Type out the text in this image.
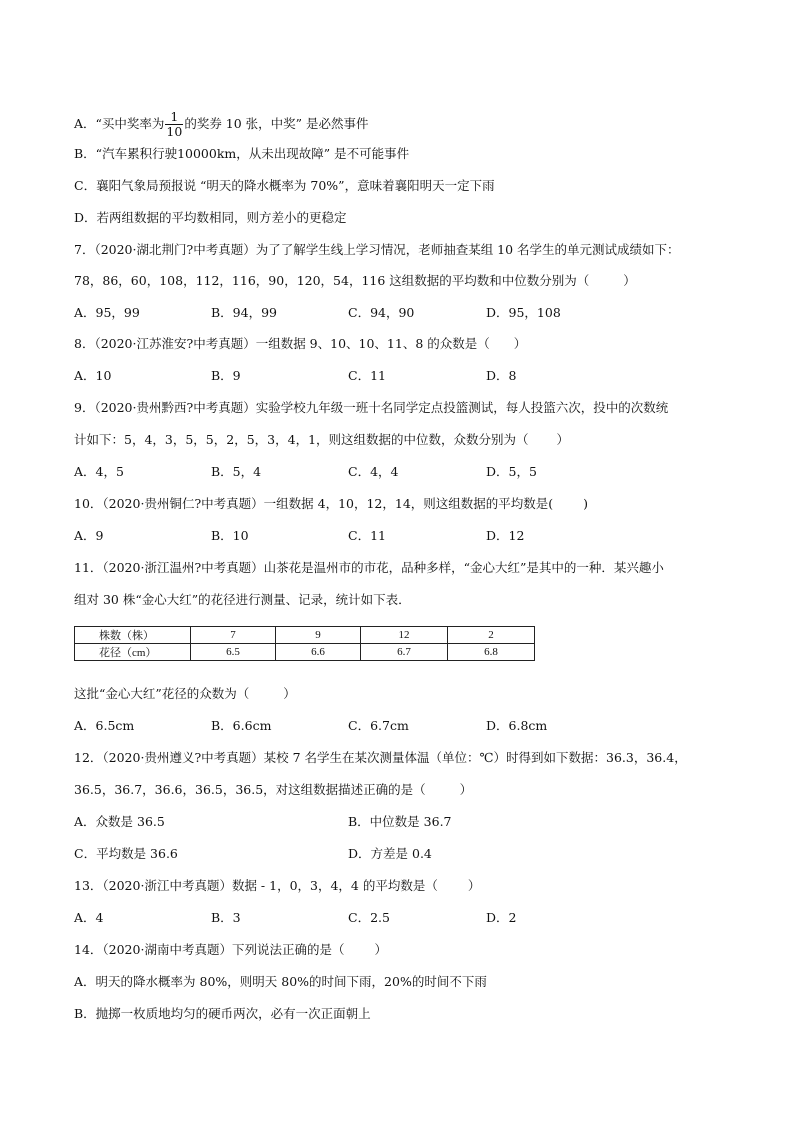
A．“买中奖率为 $\frac{1}{10}$ 的奖券 10 张，中奖” 是必然事件
B．“汽车累积行驶10000km，从未出现故障” 是不可能事件
C．襄阳气象局预报说 “明天的降水概率为 70%”，意味着襄阳明天一定下雨
D．若两组数据的平均数相同，则方差小的更稳定
7．（2020·湖北荆门?中考真题）为了了解学生线上学习情况，老师抽查某组 10 名学生的单元测试成绩如下：
78，86，60，108，112，116，90，120，54，116 这组数据的平均数和中位数分别为（	）
A．95，99	B．94，99	C．94，90	D．95，108
8．（2020·江苏淮安?中考真题）一组数据 9、10、10、11、8 的众数是（ ）
A．10	B．9	C．11	D．8
9．（2020·贵州黔西?中考真题）实验学校九年级一班十名同学定点投篮测试，每人投篮六次，投中的次数统
计如下：5，4，3，5，5，2，5，3，4，1，则这组数据的中位数，众数分别为（ ）
A．4，5	B．5，4	C．4，4	D．5，5
10．（2020·贵州铜仁?中考真题）一组数据 4，10，12，14，则这组数据的平均数是( )
A．9	B．10	C．11	D．12
11．（2020·浙江温州?中考真题）山茶花是温州市的市花，品种多样，“金心大红”是其中的一种．某兴趣小
组对 30 株“金心大红”的花径进行测量、记录，统计如下表．
株数（株）	7	9	12	2
花径（cm）	6.5	6.6	6.7	6.8
这批“金心大红”花径的众数为（	）
A．6.5cm	B．6.6cm	C．6.7cm	D．6.8cm
12．（2020·贵州遵义?中考真题）某校 7 名学生在某次测量体温（单位：℃）时得到如下数据：36.3，36.4，
36.5，36.7，36.6，36.5，36.5，对这组数据描述正确的是（	）
A．众数是 36.5	B．中位数是 36.7
C．平均数是 36.6	D．方差是 0.4
13．（2020·浙江中考真题）数据 - 1，0，3，4，4 的平均数是（ ）
A．4	B．3	C．2.5	D．2
14．（2020·湖南中考真题）下列说法正确的是（ ）
A．明天的降水概率为 80%，则明天 80%的时间下雨，20%的时间不下雨
B．抛掷一枚质地均匀的硬币两次，必有一次正面朝上
